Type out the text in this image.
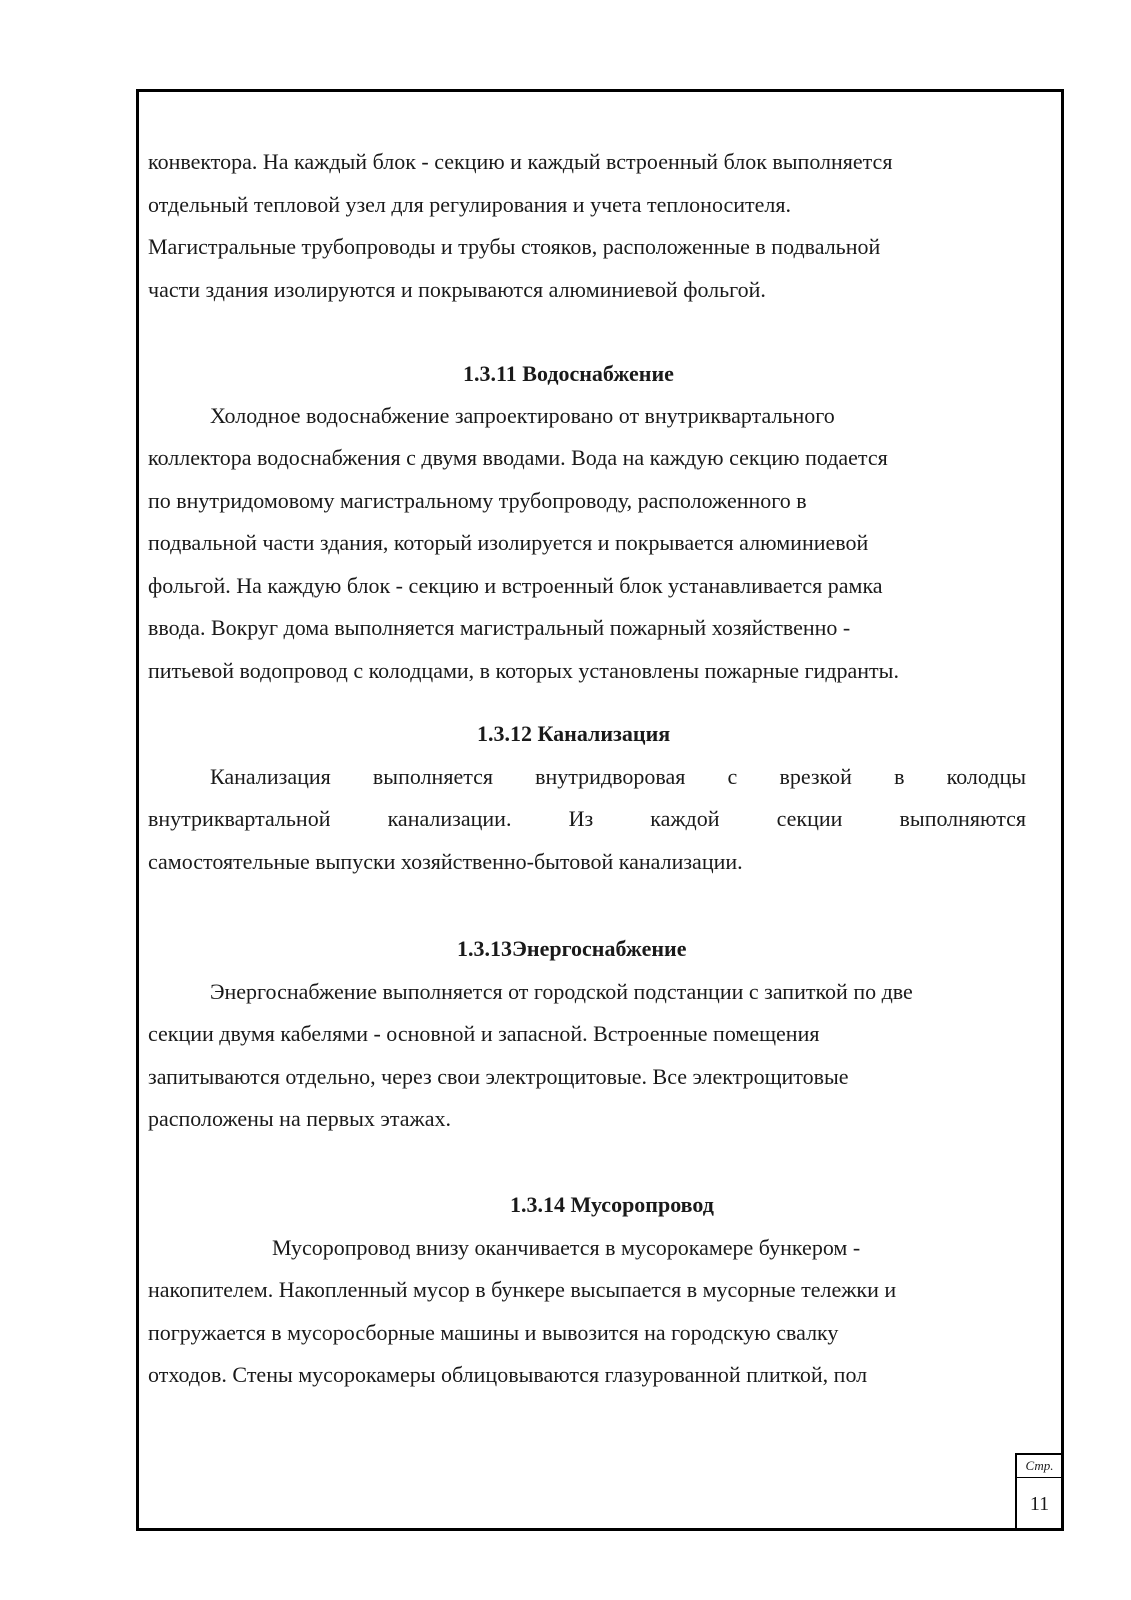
конвектора. На каждый блок - секцию и каждый встроенный блок выполняется
отдельный тепловой узел для регулирования и учета теплоносителя.
Магистральные трубопроводы и трубы стояков, расположенные в подвальной
части здания изолируются и покрываются алюминиевой фольгой.
1.3.11 Водоснабжение
Холодное водоснабжение запроектировано от внутриквартального
коллектора водоснабжения с двумя вводами. Вода на каждую секцию подается
по внутридомовому магистральному трубопроводу, расположенного в
подвальной части здания, который изолируется и покрывается алюминиевой
фольгой. На каждую блок - секцию и встроенный блок устанавливается рамка
ввода. Вокруг дома выполняется магистральный пожарный хозяйственно -
питьевой водопровод с колодцами, в которых установлены пожарные гидранты.
1.3.12 Канализация
Канализация выполняется внутридворовая с врезкой в колодцы
внутриквартальной	канализации.	Из	каждой	секции	выполняются
самостоятельные выпуски хозяйственно-бытовой канализации.
1.3.13Энергоснабжение
Энергоснабжение выполняется от городской подстанции с запиткой по две
секции двумя кабелями - основной и запасной. Встроенные помещения
запитываются отдельно, через свои электрощитовые. Все электрощитовые
расположены на первых этажах.
1.3.14 Мусоропровод
Мусоропровод внизу оканчивается в мусорокамере бункером -
накопителем. Накопленный мусор в бункере высыпается в мусорные тележки и
погружается в мусоросборные машины и вывозится на городскую свалку
отходов. Стены мусорокамеры облицовываются глазурованной плиткой, пол
Стр.
11
